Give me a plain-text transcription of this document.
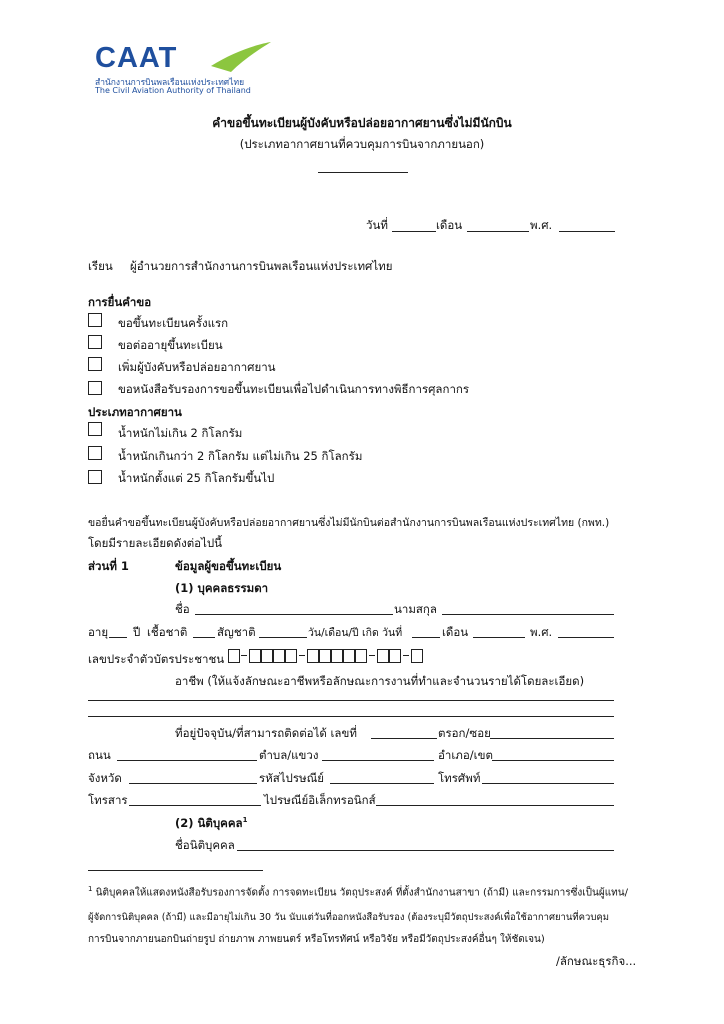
CAAT
สำนักงานการบินพลเรือนแห่งประเทศไทย
The Civil Aviation Authority of Thailand
คำขอขึ้นทะเบียนผู้บังคับหรือปล่อยอากาศยานซึ่งไม่มีนักบิน
(ประเภทอากาศยานที่ควบคุมการบินจากภายนอก)
วันที่	เดือน	พ.ศ.
เรียน ผู้อำนวยการสำนักงานการบินพลเรือนแห่งประเทศไทย
การยื่นคำขอ
ขอขึ้นทะเบียนครั้งแรก
ขอต่ออายุขึ้นทะเบียน
เพิ่มผู้บังคับหรือปล่อยอากาศยาน
ขอหนังสือรับรองการขอขึ้นทะเบียนเพื่อไปดำเนินการทางพิธีการศุลกากร
ประเภทอากาศยาน
น้ำหนักไม่เกิน 2 กิโลกรัม
น้ำหนักเกินกว่า 2 กิโลกรัม แต่ไม่เกิน 25 กิโลกรัม
น้ำหนักตั้งแต่ 25 กิโลกรัมขึ้นไป
ขอยื่นคำขอขึ้นทะเบียนผู้บังคับหรือปล่อยอากาศยานซึ่งไม่มีนักบินต่อสำนักงานการบินพลเรือนแห่งประเทศไทย (กพท.)
โดยมีรายละเอียดดังต่อไปนี้
ส่วนที่ 1	ข้อมูลผู้ขอขึ้นทะเบียน
(1) บุคคลธรรมดา
ชื่อ	นามสกุล
อายุ ปี เชื้อชาติ	สัญชาติ	วัน/เดือน/ปี เกิด วันที่	เดือน	พ.ศ.
เลขประจำตัวบัตรประชาชน
อาชีพ (ให้แจ้งลักษณะอาชีพหรือลักษณะการงานที่ทำและจำนวนรายได้โดยละเอียด)
ที่อยู่ปัจจุบัน/ที่สามารถติดต่อได้ เลขที่	ตรอก/ซอย
ถนน	ตำบล/แขวง	อำเภอ/เขต
จังหวัด	รหัสไปรษณีย์	โทรศัพท์
โทรสาร	ไปรษณีย์อิเล็กทรอนิกส์
(2) นิติบุคคล$^1$
ชื่อนิติบุคคล
$^1$ นิติบุคคลให้แสดงหนังสือรับรองการจัดตั้ง การจดทะเบียน วัตถุประสงค์ ที่ตั้งสำนักงานสาขา (ถ้ามี) และกรรมการซึ่งเป็นผู้แทน/
ผู้จัดการนิติบุคคล (ถ้ามี) และมีอายุไม่เกิน 30 วัน นับแต่วันที่ออกหนังสือรับรอง (ต้องระบุมีวัตถุประสงค์เพื่อใช้อากาศยานที่ควบคุม
การบินจากภายนอกบินถ่ายรูป ถ่ายภาพ ภาพยนตร์ หรือโทรทัศน์ หรือวิจัย หรือมีวัตถุประสงค์อื่นๆ ให้ชัดเจน)
/ลักษณะธุรกิจ...
